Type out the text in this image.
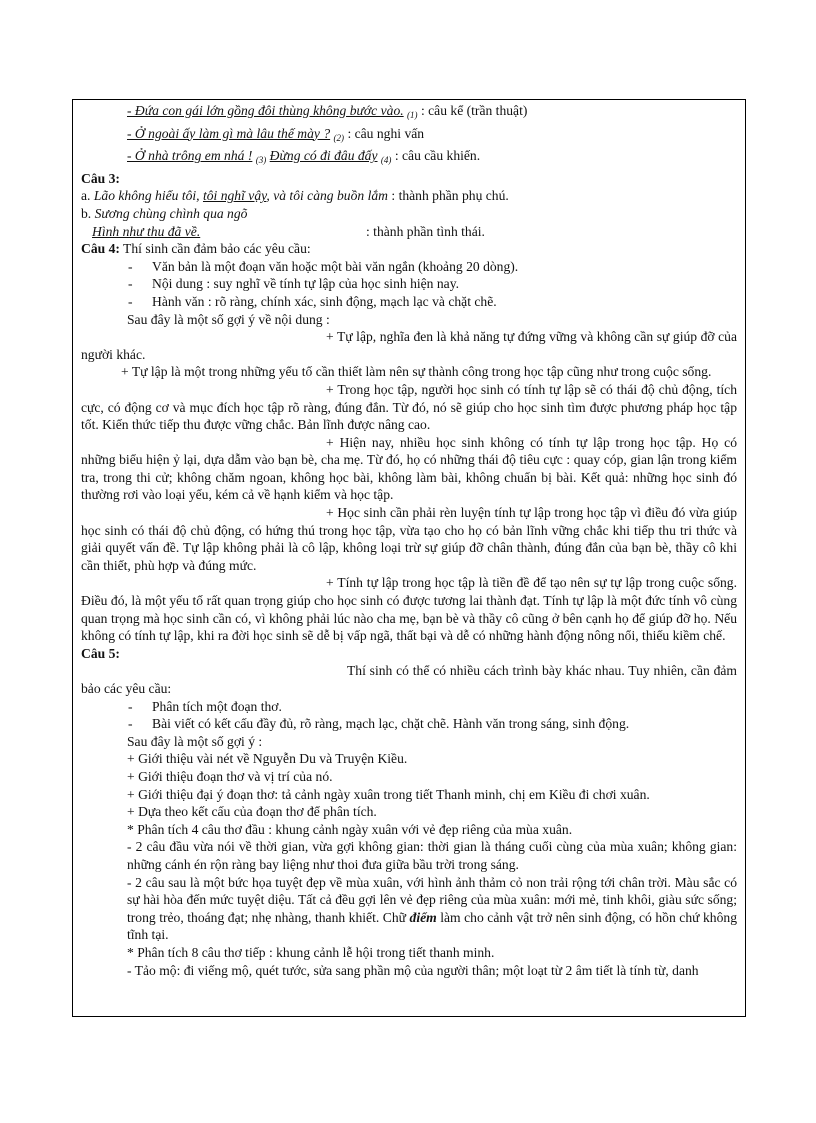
- Đứa con gái lớn gồng đôi thùng không bước vào. $_{(1)}$ : câu kể (trần thuật)

- Ở ngoài ấy làm gì mà lâu thế mày ? $_{(2)}$ : câu nghi vấn

- Ở nhà trông em nhá ! $_{(3)}$ Đừng có đi đâu đấy $_{(4)}$ : câu cầu khiến.

Câu 3:

a. Lão không hiểu tôi, tôi nghĩ vậy, và tôi càng buồn lắm : thành phần phụ chú.

b. Sương chùng chình qua ngõ

Hình như thu đã về.	: thành phần tình thái.

Câu 4: Thí sinh cần đảm bảo các yêu cầu:

-	Văn bản là một đoạn văn hoặc một bài văn ngắn (khoảng 20 dòng).

-	Nội dung : suy nghĩ về tính tự lập của học sinh hiện nay.

-	Hành văn : rõ ràng, chính xác, sinh động, mạch lạc và chặt chẽ.

Sau đây là một số gợi ý về nội dung :

+ Tự lập, nghĩa đen là khả năng tự đứng vững và không cần sự giúp đỡ của người khác.

+ Tự lập là một trong những yếu tố cần thiết làm nên sự thành công trong học tập cũng như trong cuộc sống.

+ Trong học tập, người học sinh có tính tự lập sẽ có thái độ chủ động, tích cực, có động cơ và mục đích học tập rõ ràng, đúng đắn. Từ đó, nó sẽ giúp cho học sinh tìm được phương pháp học tập tốt. Kiến thức tiếp thu được vững chắc. Bản lĩnh được nâng cao.

+ Hiện nay, nhiều học sinh không có tính tự lập trong học tập. Họ có những biểu hiện ỷ lại, dựa dẫm vào bạn bè, cha mẹ. Từ đó, họ có những thái độ tiêu cực : quay cóp, gian lận trong kiểm tra, trong thi cử; không chăm ngoan, không học bài, không làm bài, không chuẩn bị bài. Kết quả: những học sinh đó thường rơi vào loại yếu, kém cả về hạnh kiểm và học tập.

+ Học sinh cần phải rèn luyện tính tự lập trong học tập vì điều đó vừa giúp học sinh có thái độ chủ động, có hứng thú trong học tập, vừa tạo cho họ có bản lĩnh vững chắc khi tiếp thu tri thức và giải quyết vấn đề. Tự lập không phải là cô lập, không loại trừ sự giúp đỡ chân thành, đúng đắn của bạn bè, thầy cô khi cần thiết, phù hợp và đúng mức.

+ Tính tự lập trong học tập là tiền đề để tạo nên sự tự lập trong cuộc sống. Điều đó, là một yếu tố rất quan trọng giúp cho học sinh có được tương lai thành đạt. Tính tự lập là một đức tính vô cùng quan trọng mà học sinh cần có, vì không phải lúc nào cha mẹ, bạn bè và thầy cô cũng ở bên cạnh họ để giúp đỡ họ. Nếu không có tính tự lập, khi ra đời học sinh sẽ dễ bị vấp ngã, thất bại và dễ có những hành động nông nổi, thiếu kiềm chế.

Câu 5:

Thí sinh có thể có nhiều cách trình bày khác nhau. Tuy nhiên, cần đảm bảo các yêu cầu:

-	Phân tích một đoạn thơ.

-	Bài viết có kết cấu đầy đủ, rõ ràng, mạch lạc, chặt chẽ. Hành văn trong sáng, sinh động.

Sau đây là một số gợi ý :

+ Giới thiệu vài nét về Nguyễn Du và Truyện Kiều.

+ Giới thiệu đoạn thơ và vị trí của nó.

+ Giới thiệu đại ý đoạn thơ: tả cảnh ngày xuân trong tiết Thanh minh, chị em Kiều đi chơi xuân.

+ Dựa theo kết cấu của đoạn thơ để phân tích.

* Phân tích 4 câu thơ đầu : khung cảnh ngày xuân với vẻ đẹp riêng của mùa xuân.

- 2 câu đầu vừa nói về thời gian, vừa gợi không gian: thời gian là tháng cuối cùng của mùa xuân; không gian: những cánh én rộn ràng bay liệng như thoi đưa giữa bầu trời trong sáng.

- 2 câu sau là một bức họa tuyệt đẹp về mùa xuân, với hình ảnh thảm cỏ non trải rộng tới chân trời. Màu sắc có sự hài hòa đến mức tuyệt diệu. Tất cả đều gợi lên vẻ đẹp riêng của mùa xuân: mới mẻ, tinh khôi, giàu sức sống; trong trẻo, thoáng đạt; nhẹ nhàng, thanh khiết. Chữ điểm làm cho cảnh vật trở nên sinh động, có hồn chứ không tĩnh tại.

* Phân tích 8 câu thơ tiếp : khung cảnh lễ hội trong tiết thanh minh.

- Tảo mộ: đi viếng mộ, quét tước, sửa sang phần mộ của người thân; một loạt từ 2 âm tiết là tính từ, danh
